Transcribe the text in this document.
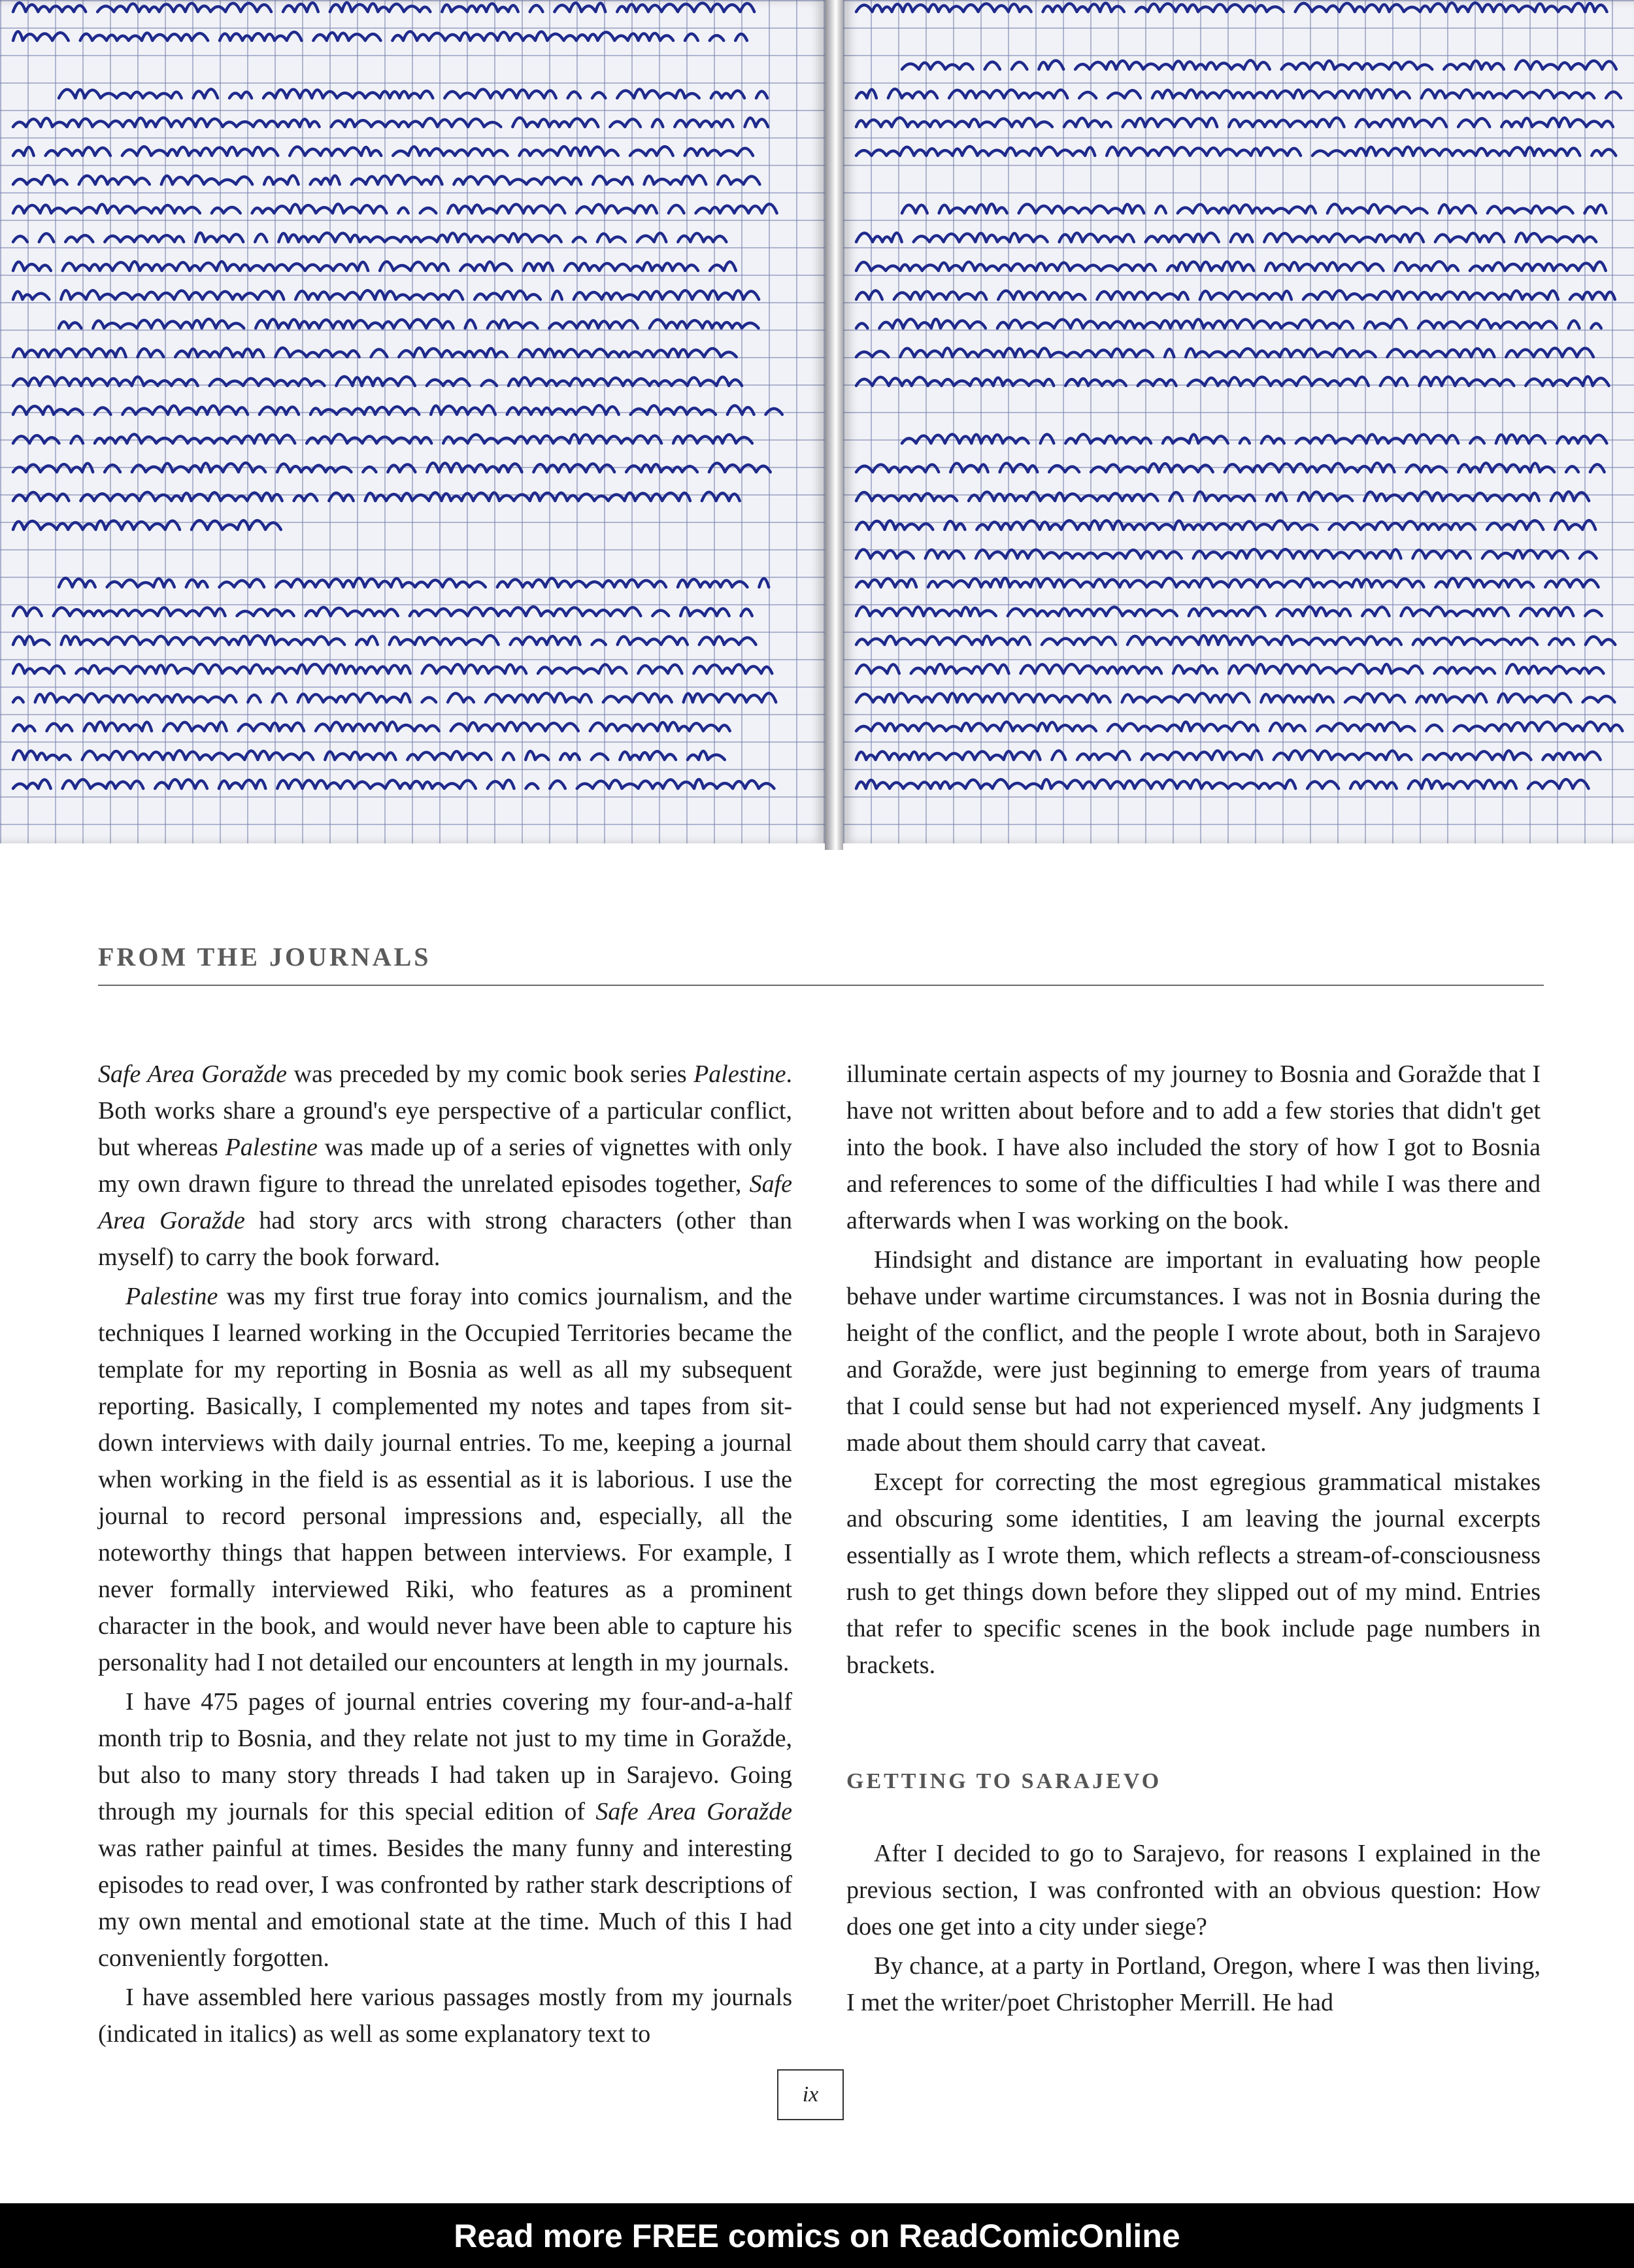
FROM THE JOURNALS

Safe Area Goražde was preceded by my comic book series Palestine. Both works share a ground's eye perspective of a particular conflict, but whereas Palestine was made up of a series of vignettes with only my own drawn figure to thread the unrelated episodes together, Safe Area Goražde had story arcs with strong characters (other than myself) to carry the book forward.

Palestine was my first true foray into comics journalism, and the techniques I learned working in the Occupied Territories became the template for my reporting in Bosnia as well as all my subsequent reporting. Basically, I complemented my notes and tapes from sit-down interviews with daily journal entries. To me, keeping a journal when working in the field is as essential as it is laborious. I use the journal to record personal impressions and, especially, all the noteworthy things that happen between interviews. For example, I never formally interviewed Riki, who features as a prominent character in the book, and would never have been able to capture his personality had I not detailed our encounters at length in my journals.

I have 475 pages of journal entries covering my four-and-a-half month trip to Bosnia, and they relate not just to my time in Goražde, but also to many story threads I had taken up in Sarajevo. Going through my journals for this special edition of Safe Area Goražde was rather painful at times. Besides the many funny and interesting episodes to read over, I was confronted by rather stark descriptions of my own mental and emotional state at the time. Much of this I had conveniently forgotten.

I have assembled here various passages mostly from my journals (indicated in italics) as well as some explanatory text to

illuminate certain aspects of my journey to Bosnia and Goražde that I have not written about before and to add a few stories that didn't get into the book. I have also included the story of how I got to Bosnia and references to some of the difficulties I had while I was there and afterwards when I was working on the book.

Hindsight and distance are important in evaluating how people behave under wartime circumstances. I was not in Bosnia during the height of the conflict, and the people I wrote about, both in Sarajevo and Goražde, were just beginning to emerge from years of trauma that I could sense but had not experienced myself. Any judgments I made about them should carry that caveat.

Except for correcting the most egregious grammatical mistakes and obscuring some identities, I am leaving the journal excerpts essentially as I wrote them, which reflects a stream-of-consciousness rush to get things down before they slipped out of my mind. Entries that refer to specific scenes in the book include page numbers in brackets.

GETTING TO SARAJEVO

After I decided to go to Sarajevo, for reasons I explained in the previous section, I was confronted with an obvious question: How does one get into a city under siege?

By chance, at a party in Portland, Oregon, where I was then living, I met the writer/poet Christopher Merrill. He had

ix
Read more FREE comics on ReadComicOnline
